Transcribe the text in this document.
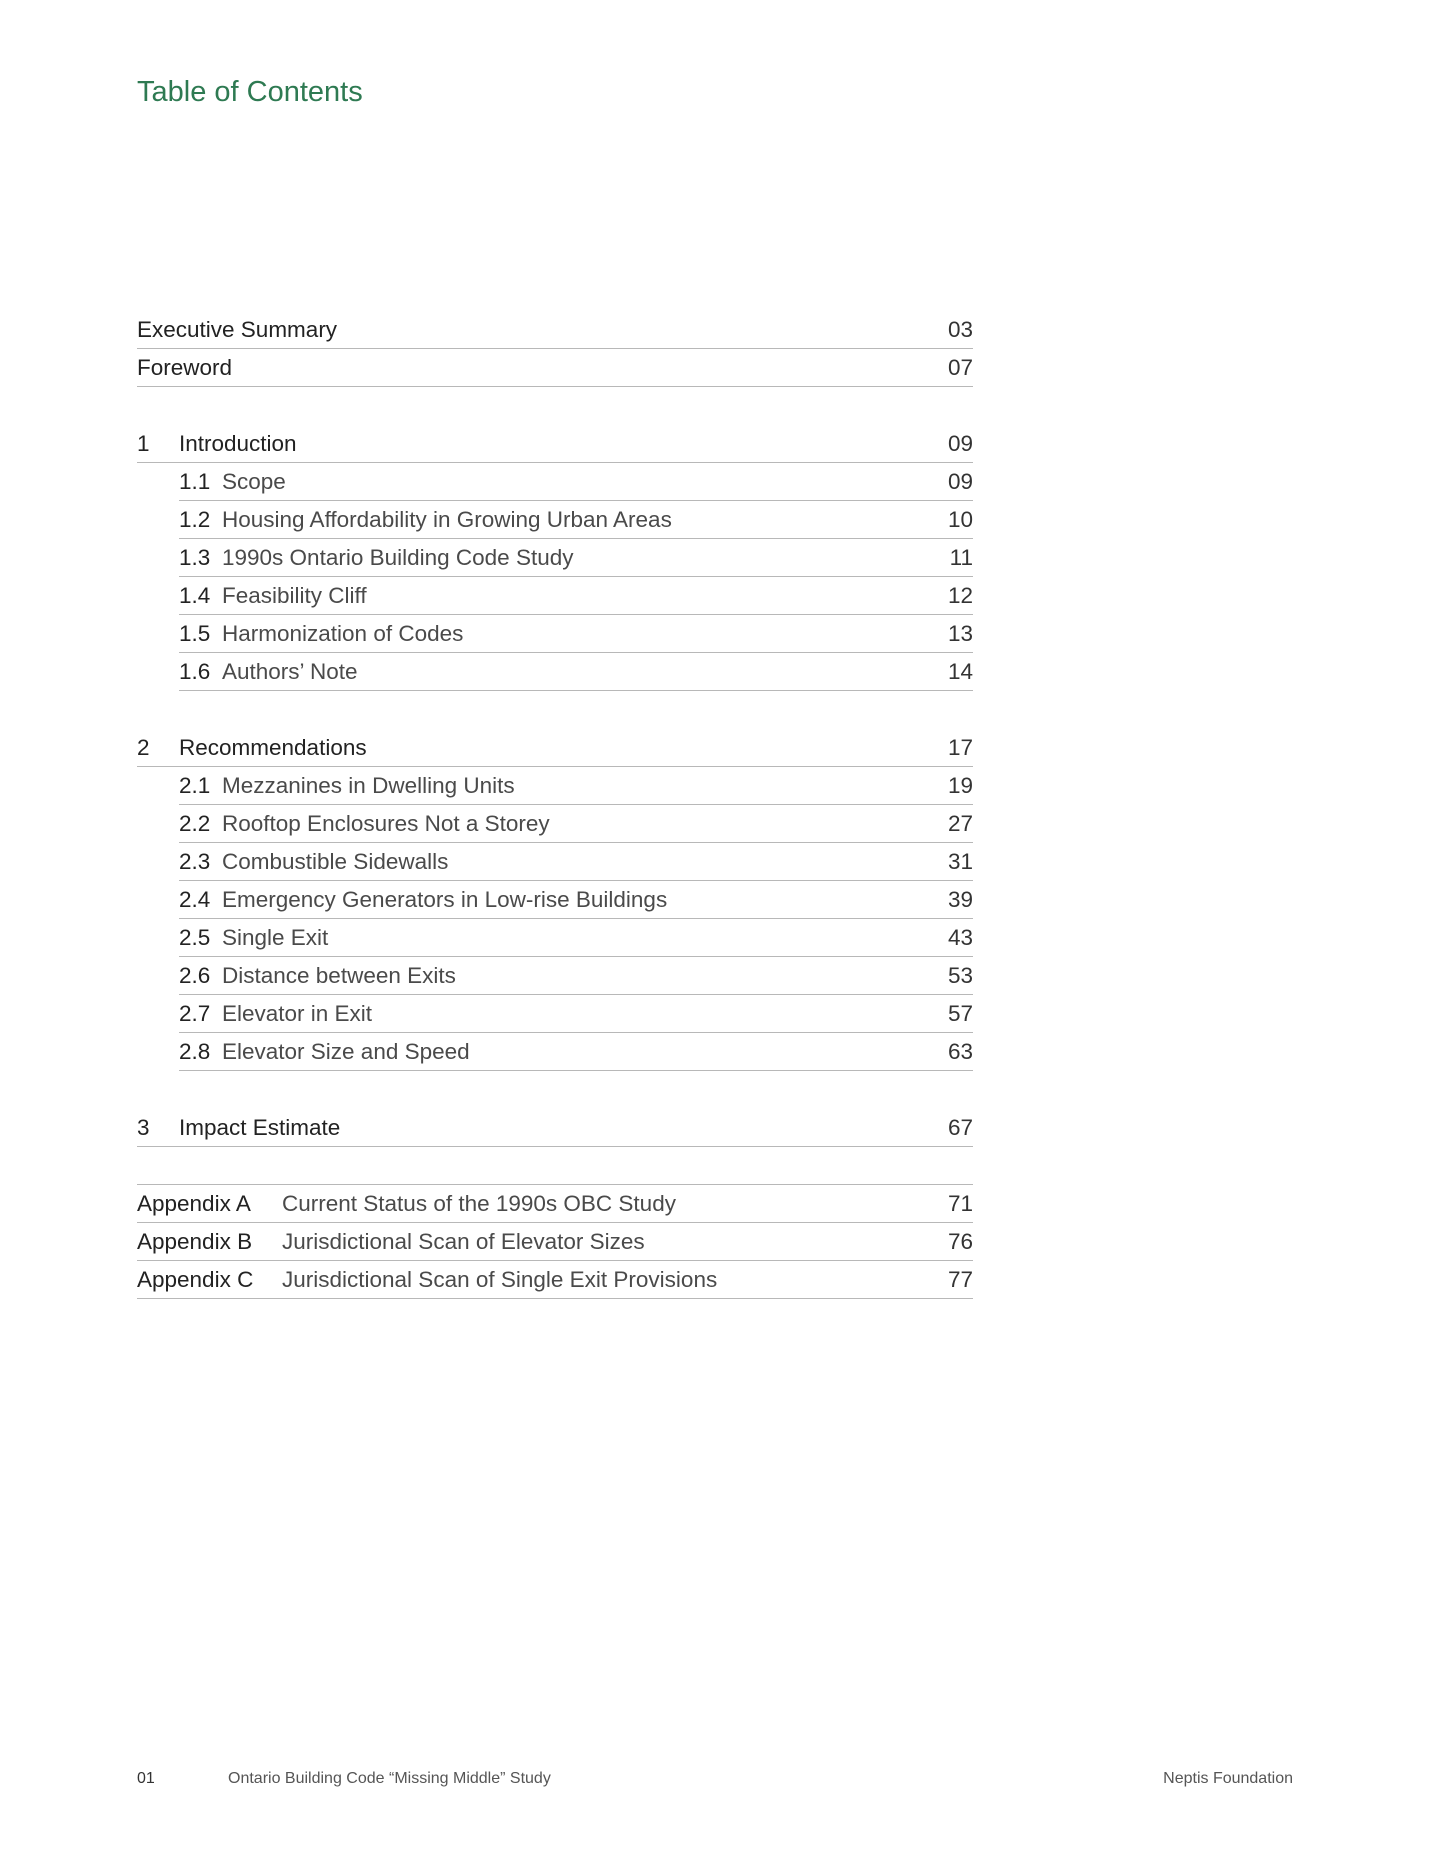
Table of Contents
Executive Summary	03
Foreword	07
1 Introduction	09
1.1 Scope	09
1.2 Housing Affordability in Growing Urban Areas	10
1.3 1990s Ontario Building Code Study	11
1.4 Feasibility Cliff	12
1.5 Harmonization of Codes	13
1.6 Authors’ Note	14
2 Recommendations	17
2.1 Mezzanines in Dwelling Units	19
2.2 Rooftop Enclosures Not a Storey	27
2.3 Combustible Sidewalls	31
2.4 Emergency Generators in Low-rise Buildings	39
2.5 Single Exit	43
2.6 Distance between Exits	53
2.7 Elevator in Exit	57
2.8 Elevator Size and Speed	63
3 Impact Estimate	67
Appendix A Current Status of the 1990s OBC Study	71
Appendix B Jurisdictional Scan of Elevator Sizes	76
Appendix C Jurisdictional Scan of Single Exit Provisions	77
01	Ontario Building Code “Missing Middle” Study	Neptis Foundation
